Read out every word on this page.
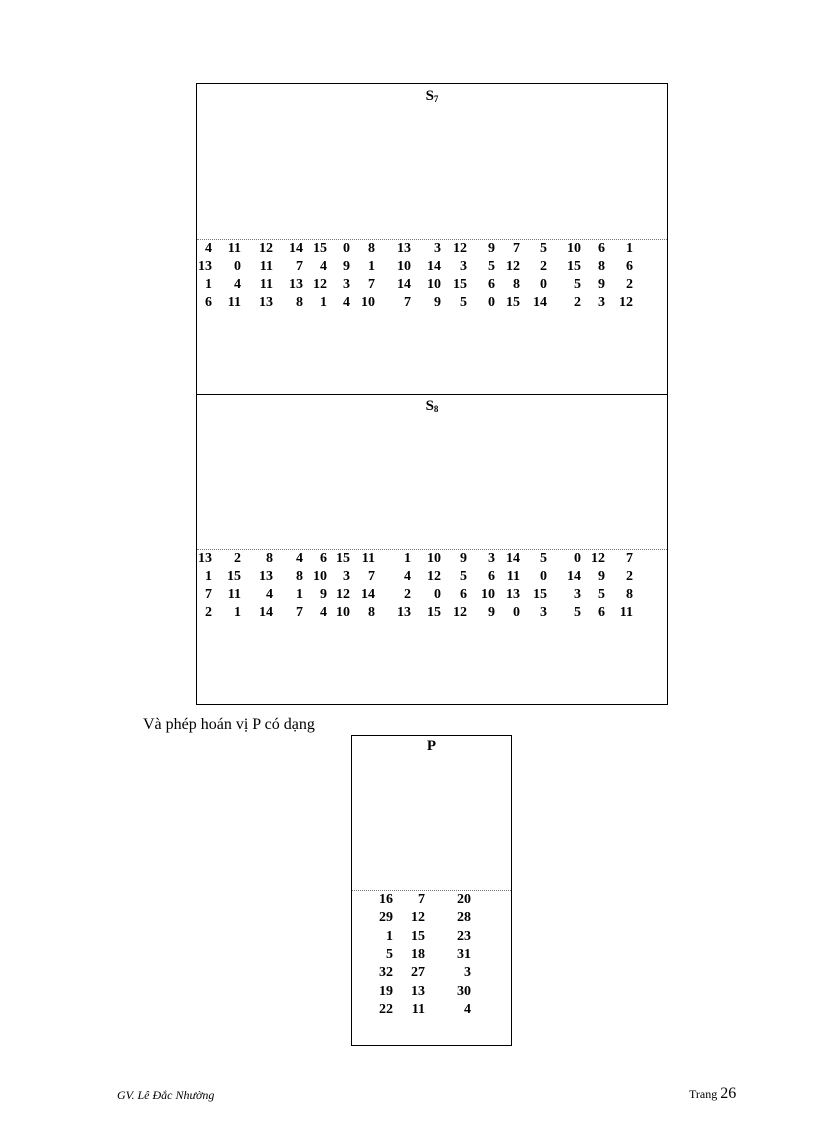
$S_7$
4 11 12 14 15 0 8 13 3 12 9 7 5 10 6 1
13 0 11 7 4 9 1 10 14 3 5 12 2 15 8 6
1 4 11 13 12 3 7 14 10 15 6 8 0 5 9 2
6 11 13 8 1 4 10 7 9 5 0 15 14 2 3 12
$S_8$
13 2 8 4 6 15 11 1 10 9 3 14 5 0 12 7
1 15 13 8 10 3 7 4 12 5 6 11 0 14 9 2
7 11 4 1 9 12 14 2 0 6 10 13 15 3 5 8
2 1 14 7 4 10 8 13 15 12 9 0 3 5 6 11
Và phép hoán vị P có dạng
P
16 7 20
29 12 28
1 15 23
5 18 31
32 27	3
19 13 30
22 11	4
GV. Lê Đắc Nhường	Trang 26
